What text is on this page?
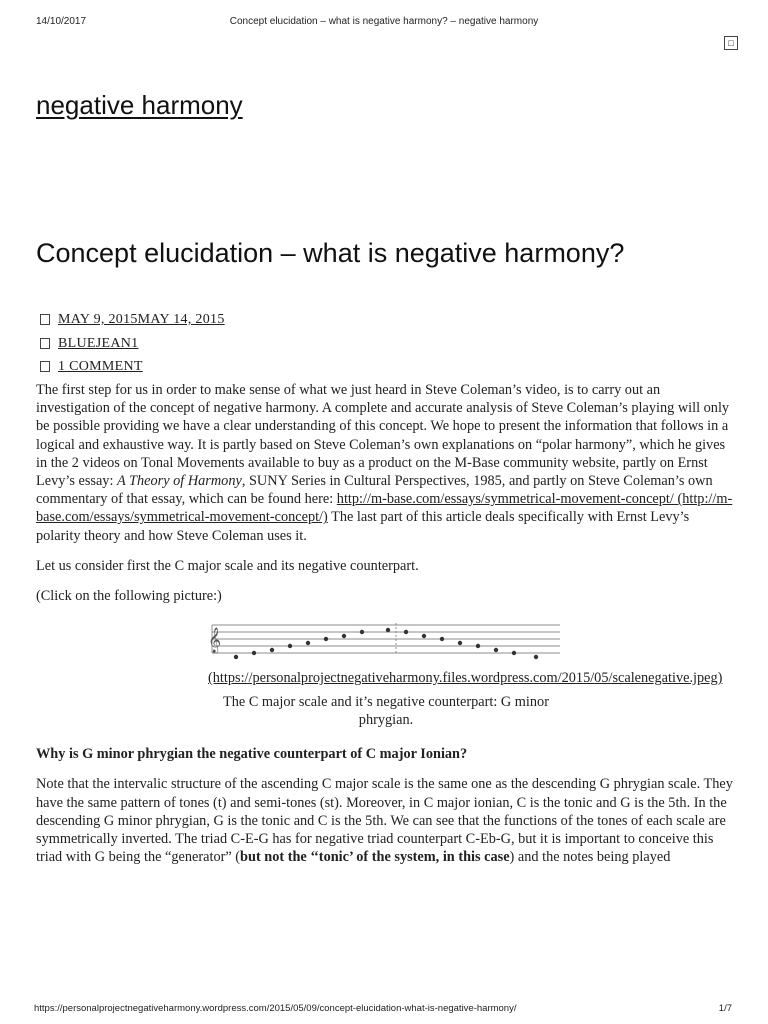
14/10/2017	Concept elucidation – what is negative harmony? – negative harmony
□
negative harmony
Concept elucidation – what is negative harmony?
MAY 9, 2015MAY 14, 2015
BLUEJEAN1
1 COMMENT

The first step for us in order to make sense of what we just heard in Steve Coleman’s video, is to carry out an investigation of the concept of negative harmony. A complete and accurate analysis of Steve Coleman’s playing will only be possible providing we have a clear understanding of this concept. We hope to present the information that follows in a logical and exhaustive way. It is partly based on Steve Coleman’s own explanations on “polar harmony”, which he gives in the 2 videos on Tonal Movements available to buy as a product on the M-Base community website, partly on Ernst Levy’s essay: A Theory of Harmony, SUNY Series in Cultural Perspectives, 1985, and partly on Steve Coleman’s own commentary of that essay, which can be found here: http://m-base.com/essays/symmetrical-movement-concept/ (http://m-base.com/essays/symmetrical-movement-concept/) The last part of this article deals specifically with Ernst Levy’s polarity theory and how Steve Coleman uses it.

Let us consider first the C major scale and its negative counterpart.

(Click on the following picture:)

𝄞
(https://personalprojectnegativeharmony.files.wordpress.com/2015/05/scalenegative.jpeg)
The C major scale and it’s negative counterpart: G minor phrygian.

Why is G minor phrygian the negative counterpart of C major Ionian?

Note that the intervalic structure of the ascending C major scale is the same one as the descending G phrygian scale. They have the same pattern of tones (t) and semi-tones (st). Moreover, in C major ionian, C is the tonic and G is the 5th. In the descending G minor phrygian, G is the tonic and C is the 5th. We can see that the functions of the tones of each scale are symmetrically inverted. The triad C-E-G has for negative triad counterpart C-Eb-G, but it is important to conceive this triad with G being the “generator” (but not the ‘‘tonic’ of the system, in this case) and the notes being played

https://personalprojectnegativeharmony.wordpress.com/2015/05/09/concept-elucidation-what-is-negative-harmony/	1/7
